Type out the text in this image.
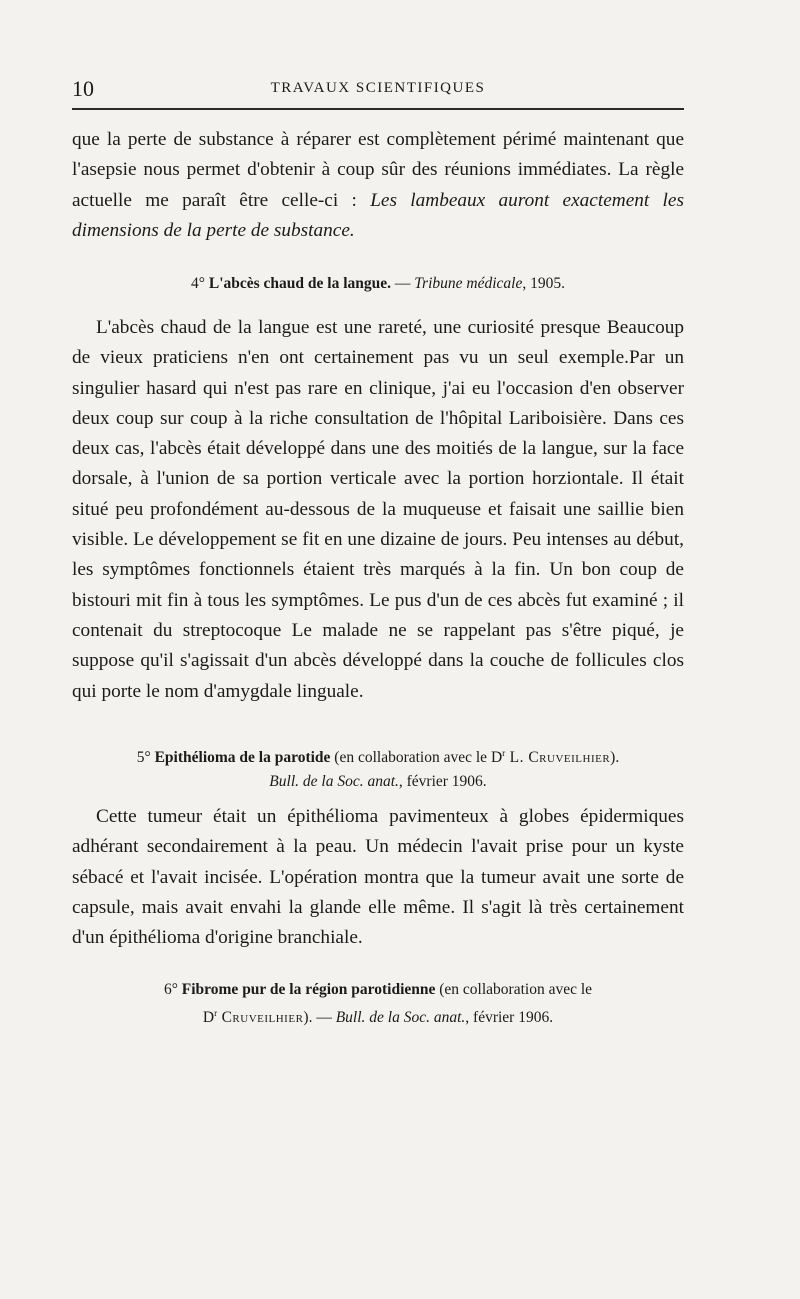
10	TRAVAUX SCIENTIFIQUES

que la perte de substance à réparer est complètement périmé maintenant que l'asepsie nous permet d'obtenir à coup sûr des réunions immédiates. La règle actuelle me paraît être celle-ci : Les lambeaux auront exactement les dimensions de la perte de substance.

4° L'abcès chaud de la langue. — Tribune médicale, 1905.

L'abcès chaud de la langue est une rareté, une curiosité presque Beaucoup de vieux praticiens n'en ont certainement pas vu un seul exemple.Par un singulier hasard qui n'est pas rare en clinique, j'ai eu l'occasion d'en observer deux coup sur coup à la riche consultation de l'hôpital Lariboisière. Dans ces deux cas, l'abcès était développé dans une des moitiés de la langue, sur la face dorsale, à l'union de sa portion verticale avec la portion horziontale. Il était situé peu profondément au-dessous de la muqueuse et faisait une saillie bien visible. Le développement se fit en une dizaine de jours. Peu intenses au début, les symptômes fonctionnels étaient très marqués à la fin. Un bon coup de bistouri mit fin à tous les symptômes. Le pus d'un de ces abcès fut examiné ; il contenait du streptocoque Le malade ne se rappelant pas s'être piqué, je suppose qu'il s'agissait d'un abcès développé dans la couche de follicules clos qui porte le nom d'amygdale linguale.

5° Epithélioma de la parotide (en collaboration avec le $D^r$ L. Cruveilhier).
Bull. de la Soc. anat., février 1906.

Cette tumeur était un épithélioma pavimenteux à globes épidermiques adhérant secondairement à la peau. Un médecin l'avait prise pour un kyste sébacé et l'avait incisée. L'opération montra que la tumeur avait une sorte de capsule, mais avait envahi la glande elle même. Il s'agit là très certainement d'un épithélioma d'origine branchiale.

6° Fibrome pur de la région parotidienne (en collaboration avec le
$D^r$ Cruveilhier). — Bull. de la Soc. anat., février 1906.
